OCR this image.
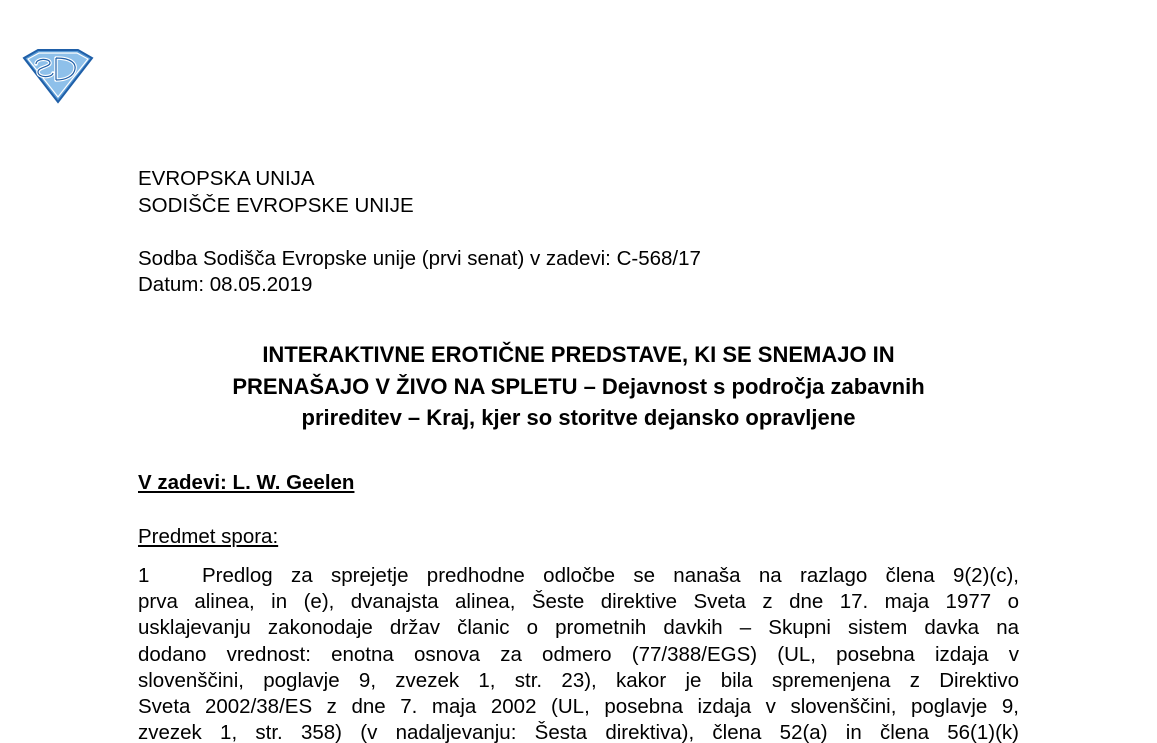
EVROPSKA UNIJA
SODIŠČE EVROPSKE UNIJE
Sodba Sodišča Evropske unije (prvi senat) v zadevi: C-568/17
Datum: 08.05.2019
INTERAKTIVNE EROTIČNE PREDSTAVE, KI SE SNEMAJO IN
PRENAŠAJO V ŽIVO NA SPLETU – Dejavnost s področja zabavnih
prireditev – Kraj, kjer so storitve dejansko opravljene
V zadevi: L. W. Geelen
Predmet spora:
1	Predlog za sprejetje predhodne odločbe se nanaša na razlago člena 9(2)(c),
prva alinea, in (e), dvanajsta alinea, Šeste direktive Sveta z dne 17. maja 1977 o
usklajevanju zakonodaje držav članic o prometnih davkih – Skupni sistem davka na
dodano vrednost: enotna osnova za odmero (77/388/EGS) (UL, posebna izdaja v
slovenščini, poglavje 9, zvezek 1, str. 23), kakor je bila spremenjena z Direktivo
Sveta 2002/38/ES z dne 7. maja 2002 (UL, posebna izdaja v slovenščini, poglavje 9,
zvezek 1, str. 358) (v nadaljevanju: Šesta direktiva), člena 52(a) in člena 56(1)(k)
